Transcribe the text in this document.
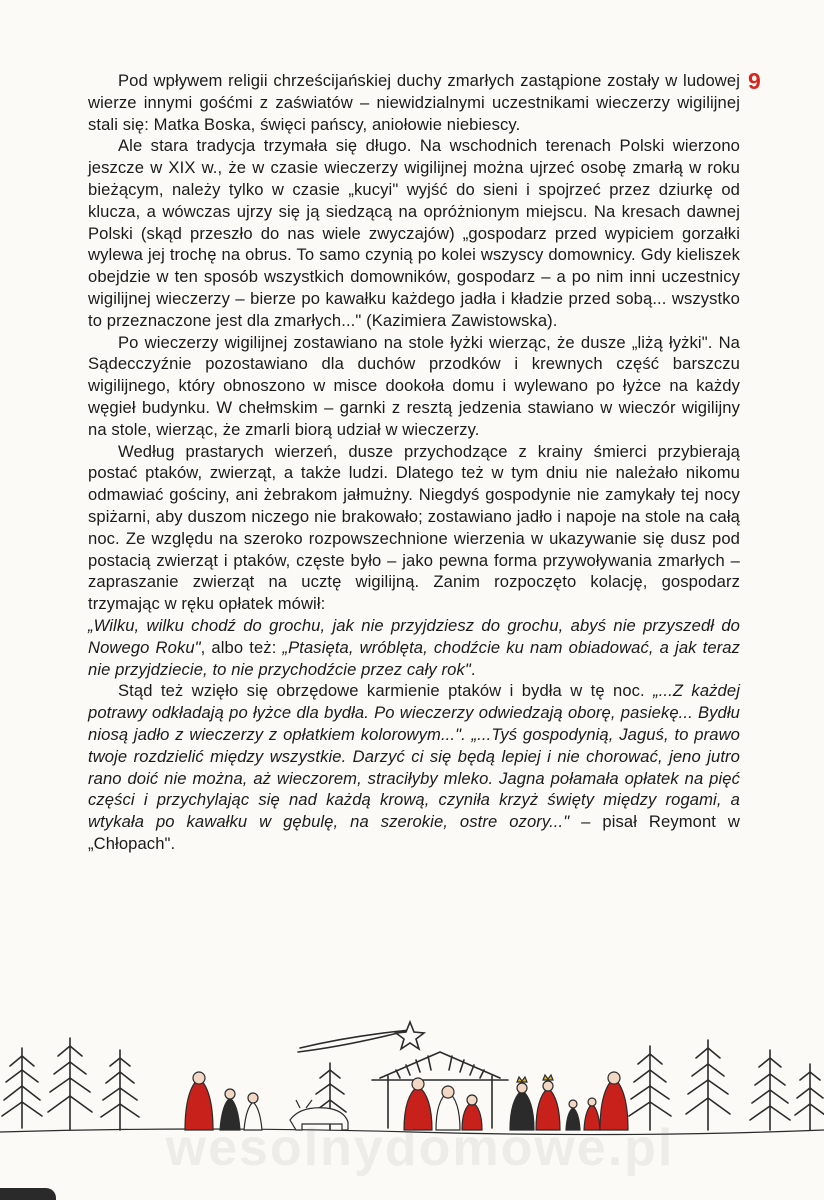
9

Pod wpływem religii chrześcijańskiej duchy zmarłych zastąpione zostały w ludowej wierze innymi gośćmi z zaświatów – niewidzialnymi uczestnikami wieczerzy wigilijnej stali się: Matka Boska, święci pańscy, aniołowie niebiescy.

Ale stara tradycja trzymała się długo. Na wschodnich terenach Polski wierzono jeszcze w XIX w., że w czasie wieczerzy wigilijnej można ujrzeć osobę zmarłą w roku bieżącym, należy tylko w czasie „kucyi" wyjść do sieni i spojrzeć przez dziurkę od klucza, a wówczas ujrzy się ją siedzącą na opróżnionym miejscu. Na kresach dawnej Polski (skąd przeszło do nas wiele zwyczajów) „gospodarz przed wypiciem gorzałki wylewa jej trochę na obrus. To samo czynią po kolei wszyscy domownicy. Gdy kieliszek obejdzie w ten sposób wszystkich domowników, gospodarz – a po nim inni uczestnicy wigilijnej wieczerzy – bierze po kawałku każdego jadła i kładzie przed sobą... wszystko to przeznaczone jest dla zmarłych..." (Kazimiera Zawistowska).

Po wieczerzy wigilijnej zostawiano na stole łyżki wierząc, że dusze „liżą łyżki". Na Sądecczyźnie pozostawiano dla duchów przodków i krewnych część barszczu wigilijnego, który obnoszono w misce dookoła domu i wylewano po łyżce na każdy węgieł budynku. W chełmskim – garnki z resztą jedzenia stawiano w wieczór wigilijny na stole, wierząc, że zmarli biorą udział w wieczerzy.

Według prastarych wierzeń, dusze przychodzące z krainy śmierci przybierają postać ptaków, zwierząt, a także ludzi. Dlatego też w tym dniu nie należało nikomu odmawiać gościny, ani żebrakom jałmużny. Niegdyś gospodynie nie zamykały tej nocy spiżarni, aby duszom niczego nie brakowało; zostawiano jadło i napoje na stole na całą noc. Ze względu na szeroko rozpowszechnione wierzenia w ukazywanie się dusz pod postacią zwierząt i ptaków, częste było – jako pewna forma przywoływania zmarłych – zapraszanie zwierząt na ucztę wigilijną. Zanim rozpoczęto kolację, gospodarz trzymając w ręku opłatek mówił:

„Wilku, wilku chodź do grochu, jak nie przyjdziesz do grochu, abyś nie przyszedł do Nowego Roku", albo też: „Ptasięta, wróblęta, chodźcie ku nam obiadować, a jak teraz nie przyjdziecie, to nie przychodźcie przez cały rok".

Stąd też wzięło się obrzędowe karmienie ptaków i bydła w tę noc. „...Z każdej potrawy odkładają po łyżce dla bydła. Po wieczerzy odwiedzają oborę, pasiekę... Bydłu niosą jadło z wieczerzy z opłatkiem kolorowym...". „...Tyś gospodynią, Jaguś, to prawo twoje rozdzielić między wszystkie. Darzyć ci się będą lepiej i nie chorować, jeno jutro rano doić nie można, aż wieczorem, straciłyby mleko. Jagna połamała opłatek na pięć części i przychylając się nad każdą krową, czyniła krzyż święty między rogami, a wtykała po kawałku w gębulę, na szerokie, ostre ozory..." – pisał Reymont w „Chłopach".

wesolnydomowe.pl
